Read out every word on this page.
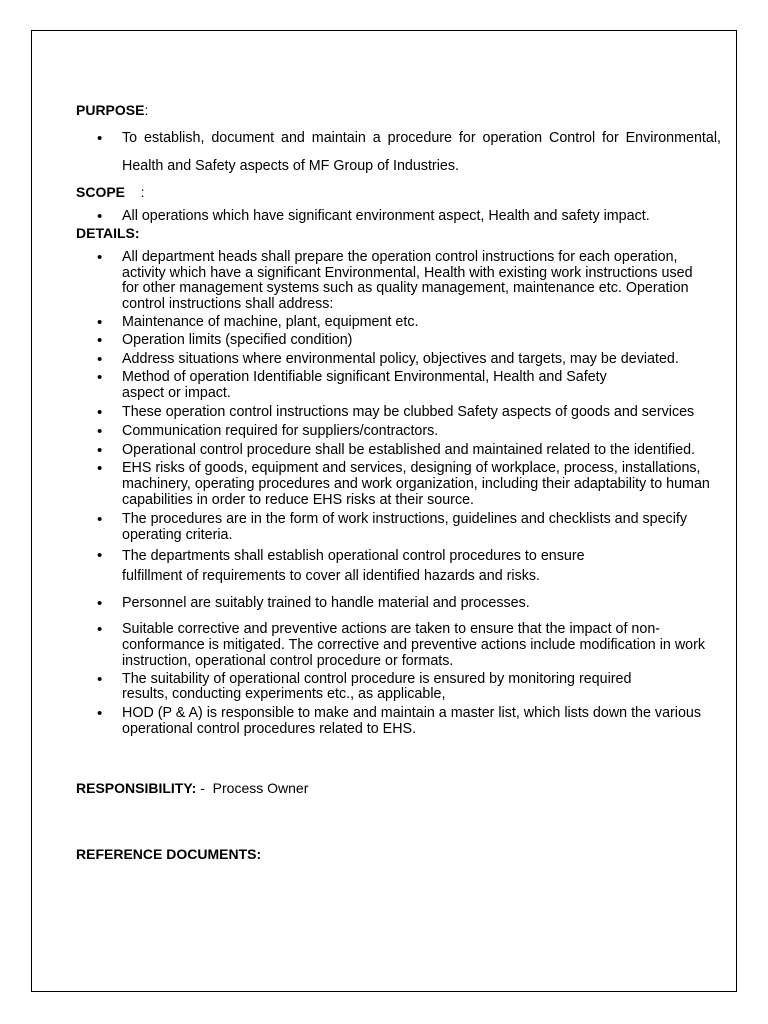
PURPOSE:

• To establish, document and maintain a procedure for operation Control for Environmental, Health and Safety aspects of MF Group of Industries.

SCOPE    :

• All operations which have significant environment aspect, Health and safety impact.

DETAILS:

• All department heads shall prepare the operation control instructions for each operation, activity which have a significant Environmental, Health with existing work instructions used for other management systems such as quality management, maintenance etc. Operation control instructions shall address:
• Maintenance of machine, plant, equipment etc.
• Operation limits (specified condition)
• Address situations where environmental policy, objectives and targets, may be deviated.
• Method of operation Identifiable significant Environmental, Health and Safety aspect or impact.
• These operation control instructions may be clubbed Safety aspects of goods and services
• Communication required for suppliers/contractors.
• Operational control procedure shall be established and maintained related to the identified.
• EHS risks of goods, equipment and services, designing of workplace, process, installations, machinery, operating procedures and work organization, including their adaptability to human capabilities in order to reduce EHS risks at their source.
• The procedures are in the form of work instructions, guidelines and checklists and specify operating criteria.
• The departments shall establish operational control procedures to ensure fulfillment of requirements to cover all identified hazards and risks.
• Personnel are suitably trained to handle material and processes.
• Suitable corrective and preventive actions are taken to ensure that the impact of non-conformance is mitigated. The corrective and preventive actions include modification in work instruction, operational control procedure or formats.
• The suitability of operational control procedure is ensured by monitoring required results, conducting experiments etc., as applicable,
• HOD (P & A) is responsible to make and maintain a master list, which lists down the various operational control procedures related to EHS.

RESPONSIBILITY: -  Process Owner

REFERENCE DOCUMENTS:
